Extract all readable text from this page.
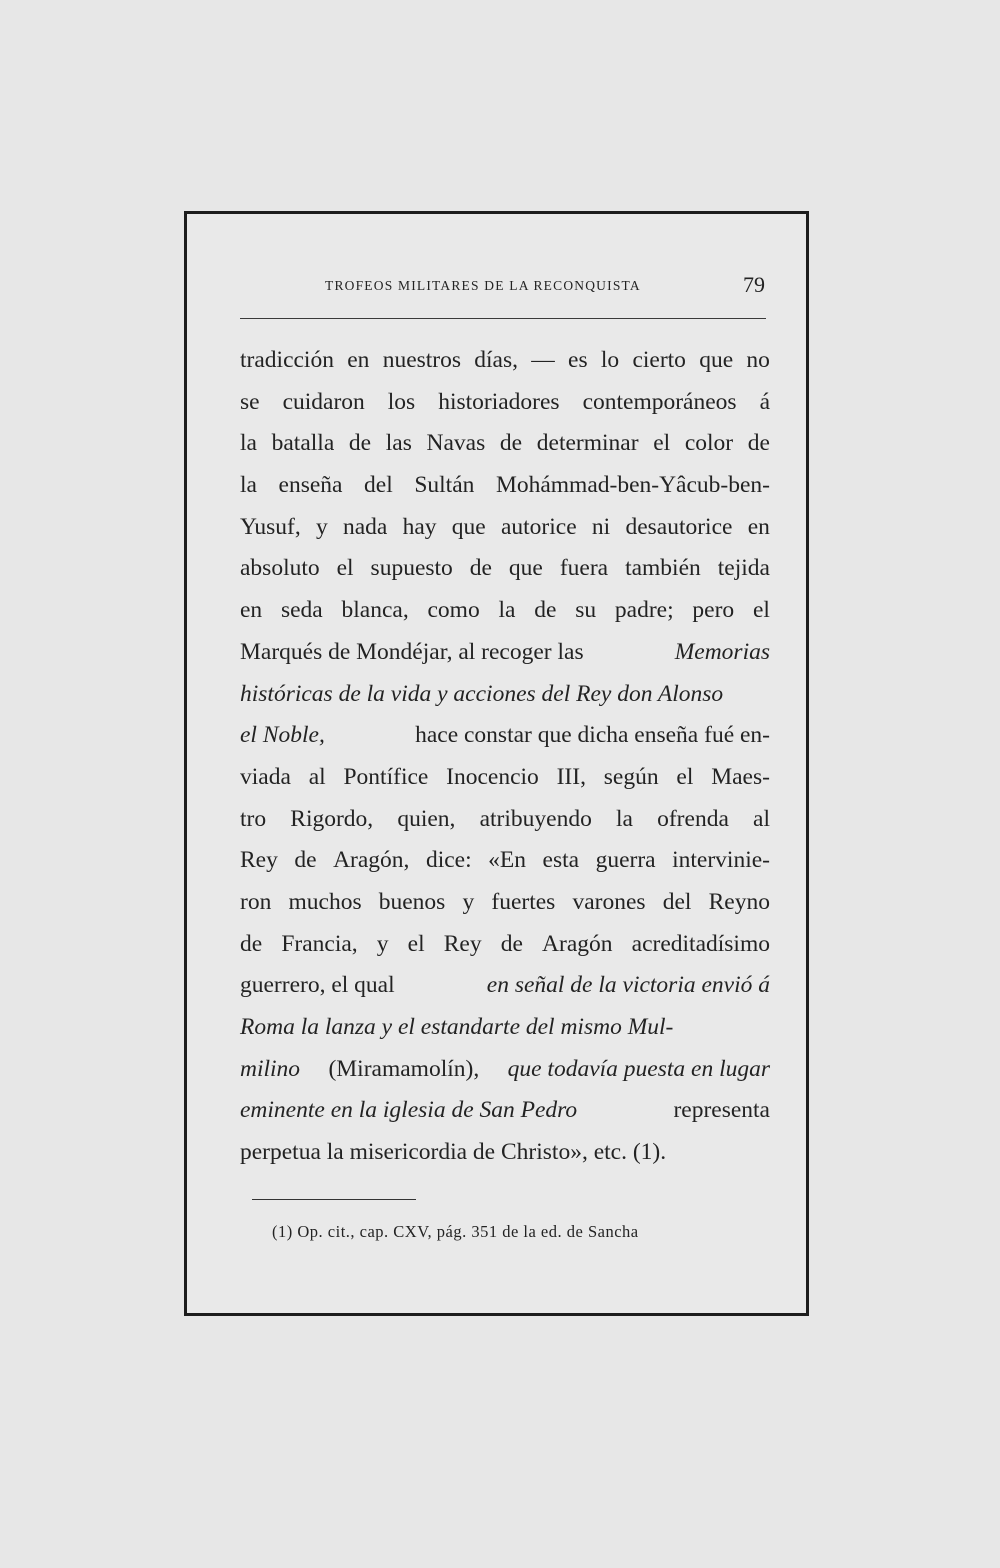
TROFEOS MILITARES DE LA RECONQUISTA	79
tradicción en nuestros días, — es lo cierto que no
se cuidaron los historiadores contemporáneos á
la batalla de las Navas de determinar el color de
la enseña del Sultán Mohámmad-ben-Yâcub-ben-
Yusuf, y nada hay que autorice ni desautorice en
absoluto el supuesto de que fuera también tejida
en seda blanca, como la de su padre; pero el
Marqués de Mondéjar, al recoger las	Memorias
históricas de la vida y acciones del Rey don Alonso
el Noble,	hace constar que dicha enseña fué en-
viada al Pontífice Inocencio III, según el Maes-
tro Rigordo, quien, atribuyendo la ofrenda al
Rey de Aragón, dice: «En esta guerra intervinie-
ron muchos buenos y fuertes varones del Reyno
de Francia, y el Rey de Aragón acreditadísimo
guerrero, el qual	en señal de la victoria envió á
Roma la lanza y el estandarte del mismo Mul-
milino (Miramamolín), que todavía puesta en lugar
eminente en la iglesia de San Pedro	representa
perpetua la misericordia de Christo», etc. (1).
(1) Op. cit., cap. CXV, pág. 351 de la ed. de Sancha
